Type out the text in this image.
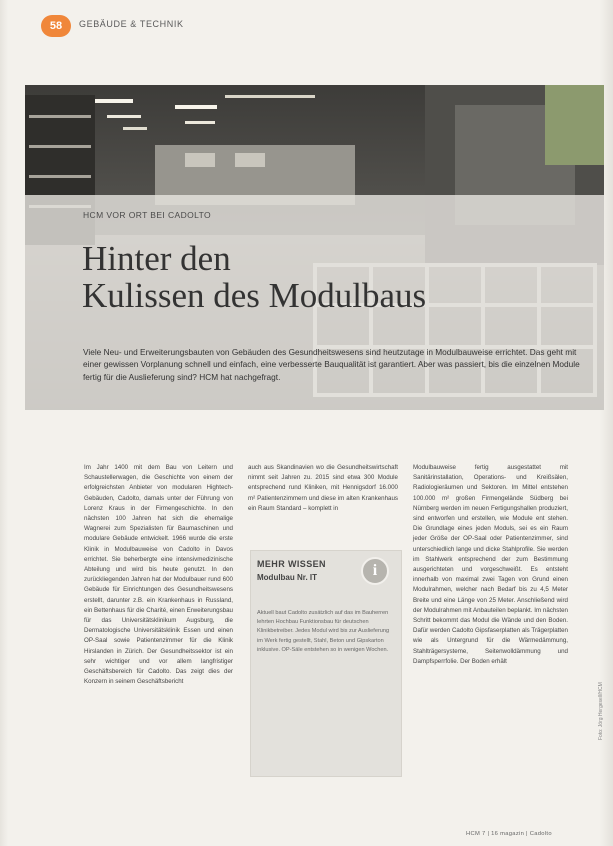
58	GEBÄUDE & TECHNIK
HCM VOR ORT BEI CADOLTO
Hinter den
Kulissen des Modulbaus
Viele Neu- und Erweiterungsbauten von Gebäuden des Gesundheitswesens sind heutzutage in Modulbauweise errichtet. Das geht mit einer gewissen Vorplanung schnell und einfach, eine verbesserte Bauqualität ist garantiert. Aber was passiert, bis die einzelnen Module fertig für die Auslieferung sind? HCM hat nachgefragt.
Im Jahr 1400 mit dem Bau von Leitern und Schaustellerwagen, die Geschichte von einem der erfolgreichsten Anbieter von modularen Hightech-Gebäuden, Cadolto, damals unter der Führung von Lorenz Kraus in der Firmengeschichte. In den nächsten 100 Jahren hat sich die ehemalige Wagnerei zum Spezialisten für Baumaschinen und modulare Gebäude entwickelt. 1966 wurde die erste Klinik in Modulbauweise von Cadolto in Davos errichtet. Sie beherbergte eine intensivmedizinische Abteilung und wird bis heute genutzt. In den zurückliegenden Jahren hat der Modulbauer rund 600 Gebäude für Einrichtungen des Gesundheitswesens erstellt, darunter z.B. ein Krankenhaus in Russland, ein Bettenhaus für die Charité, einen Erweiterungsbau für das Universitätsklinikum Augsburg, die Dermatologische Universitätsklinik Essen und einen OP-Saal sowie Patientenzimmer für die Klinik Hirslanden in Zürich. Der Gesundheitssektor ist ein sehr wichtiger und vor allem langfristiger Geschäftsbereich für Cadolto. Das zeigt dies der Konzern in seinem Geschäftsbericht
auch aus Skandinavien wo die Gesundheitswirtschaft nimmt seit Jahren zu. 2015 sind etwa 300 Module entsprechend rund Kliniken, mit Hennigsdorf 16.000 m² Patientenzimmern und diese im alten Krankenhaus ein Raum Standard – komplett in
Modulbauweise fertig ausgestattet mit Sanitärinstallation, Operations- und Kreißsälen, Radiologieräumen und Sektoren. Im Mittel entstehen 100.000 m² großen Firmengelände Südberg bei Nürnberg werden im neuen Fertigungshallen produziert, sind entworfen und erstellen, wie Module ent stehen. Die Grundlage eines jeden Moduls, sei es ein Raum jeder Größe der OP-Saal oder Patientenzimmer, sind unterschiedlich lange und dicke Stahlprofile. Sie werden im Stahlwerk entsprechend der zum Bestimmung ausgerichteten und vorgeschweißt. Es entsteht innerhalb von maximal zwei Tagen von Grund einen Modulrahmen, welcher nach Bedarf bis zu 4,5 Meter Breite und eine Länge von 25 Meter. Anschließend wird der Modulrahmen mit Anbauteilen beplankt. Im nächsten Schritt bekommt das Modul die Wände und den Boden. Dafür werden Cadolto Gipsfaserplatten als Trägerplatten wie als Untergrund für die Wärmedämmung, Stahlträgersysteme, Seitenwolldämmung und Dampfsperrfolie. Der Boden erhält
MEHR WISSEN
Modulbau Nr. IT	i
Aktuell baut Cadolto zusätzlich auf das im Bauherren lehrten Hochbau Funktionsbau für deutschen Klinikbetreiber. Jedes Modul wird bis zur Auslieferung im Werk fertig gestellt, Stahl, Beton und Gipskarton inklusive. OP-Säle entstehen so in wenigen Wochen.
Foto: Jörg Hergesell/HCM
HCM 7 | 16 magazin | Cadolto
